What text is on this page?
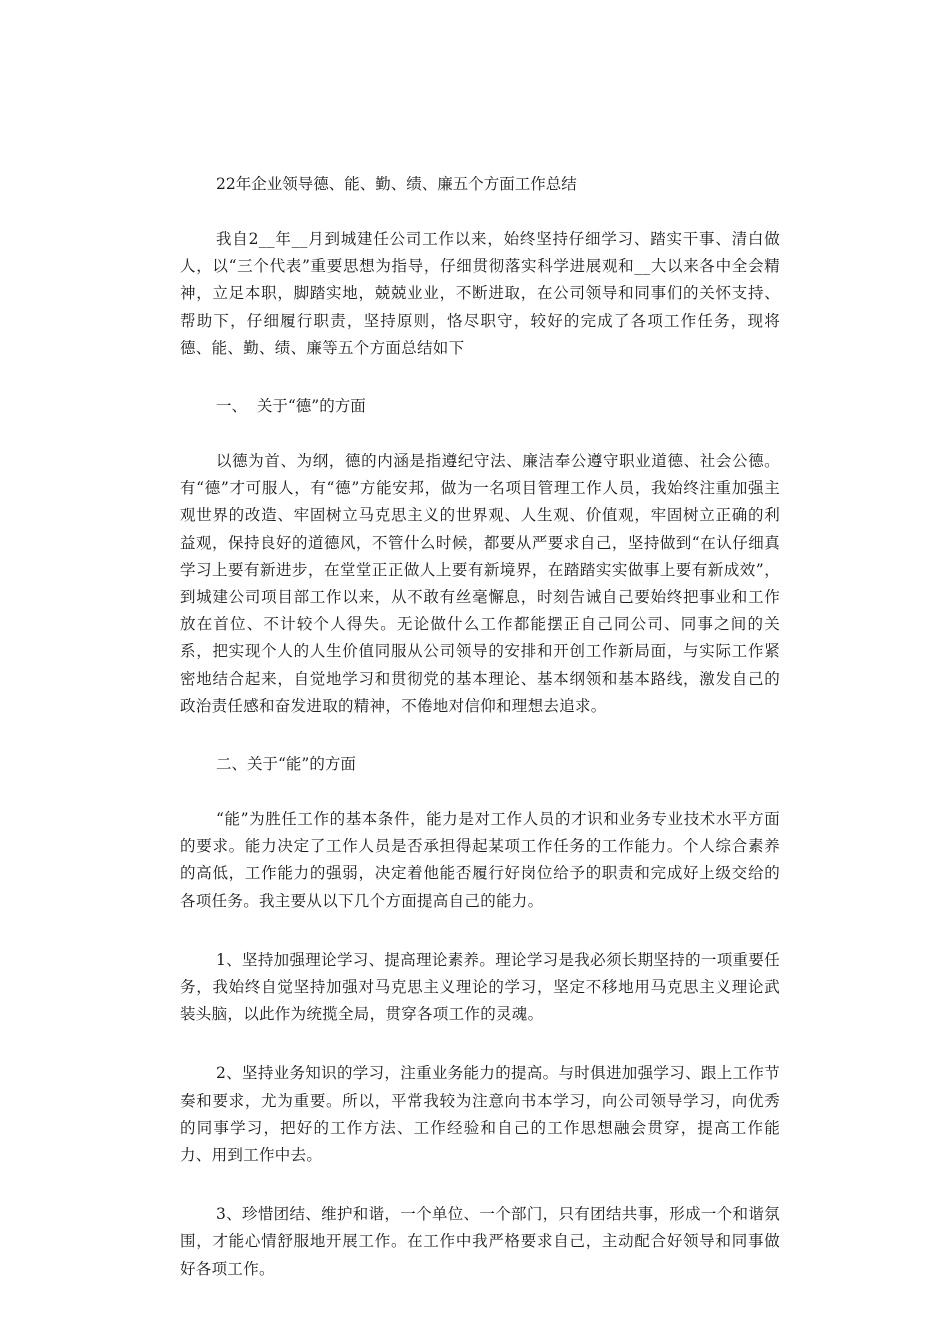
22年企业领导德、能、勤、绩、廉五个方面工作总结

我自2__年__月到城建任公司工作以来，始终坚持仔细学习、踏实干事、清白做人，以“三个代表”重要思想为指导，仔细贯彻落实科学进展观和__大以来各中全会精神，立足本职，脚踏实地，兢兢业业，不断进取，在公司领导和同事们的关怀支持、帮助下，仔细履行职责，坚持原则，恪尽职守，较好的完成了各项工作任务，现将德、能、勤、绩、廉等五个方面总结如下

一、  关于“德”的方面

以德为首、为纲，德的内涵是指遵纪守法、廉洁奉公遵守职业道德、社会公德。有“德”才可服人，有“德”方能安邦，做为一名项目管理工作人员，我始终注重加强主观世界的改造、牢固树立马克思主义的世界观、人生观、价值观，牢固树立正确的利益观，保持良好的道德风，不管什么时候，都要从严要求自己，坚持做到“在认仔细真学习上要有新进步，在堂堂正正做人上要有新境界，在踏踏实实做事上要有新成效”，到城建公司项目部工作以来，从不敢有丝毫懈息，时刻告诫自己要始终把事业和工作放在首位、不计较个人得失。无论做什么工作都能摆正自己同公司、同事之间的关系，把实现个人的人生价值同服从公司领导的安排和开创工作新局面，与实际工作紧密地结合起来，自觉地学习和贯彻党的基本理论、基本纲领和基本路线，激发自己的政治责任感和奋发进取的精神，不倦地对信仰和理想去追求。

二、关于“能”的方面

“能”为胜任工作的基本条件，能力是对工作人员的才识和业务专业技术水平方面的要求。能力决定了工作人员是否承担得起某项工作任务的工作能力。个人综合素养的高低，工作能力的强弱，决定着他能否履行好岗位给予的职责和完成好上级交给的各项任务。我主要从以下几个方面提高自己的能力。

1、坚持加强理论学习、提高理论素养。理论学习是我必须长期坚持的一项重要任务，我始终自觉坚持加强对马克思主义理论的学习，坚定不移地用马克思主义理论武装头脑，以此作为统揽全局，贯穿各项工作的灵魂。

2、坚持业务知识的学习，注重业务能力的提高。与时俱进加强学习、跟上工作节奏和要求，尤为重要。所以，平常我较为注意向书本学习，向公司领导学习，向优秀的同事学习，把好的工作方法、工作经验和自己的工作思想融会贯穿，提高工作能力、用到工作中去。

3、珍惜团结、维护和谐，一个单位、一个部门，只有团结共事，形成一个和谐氛围，才能心情舒服地开展工作。在工作中我严格要求自己，主动配合好领导和同事做好各项工作。
